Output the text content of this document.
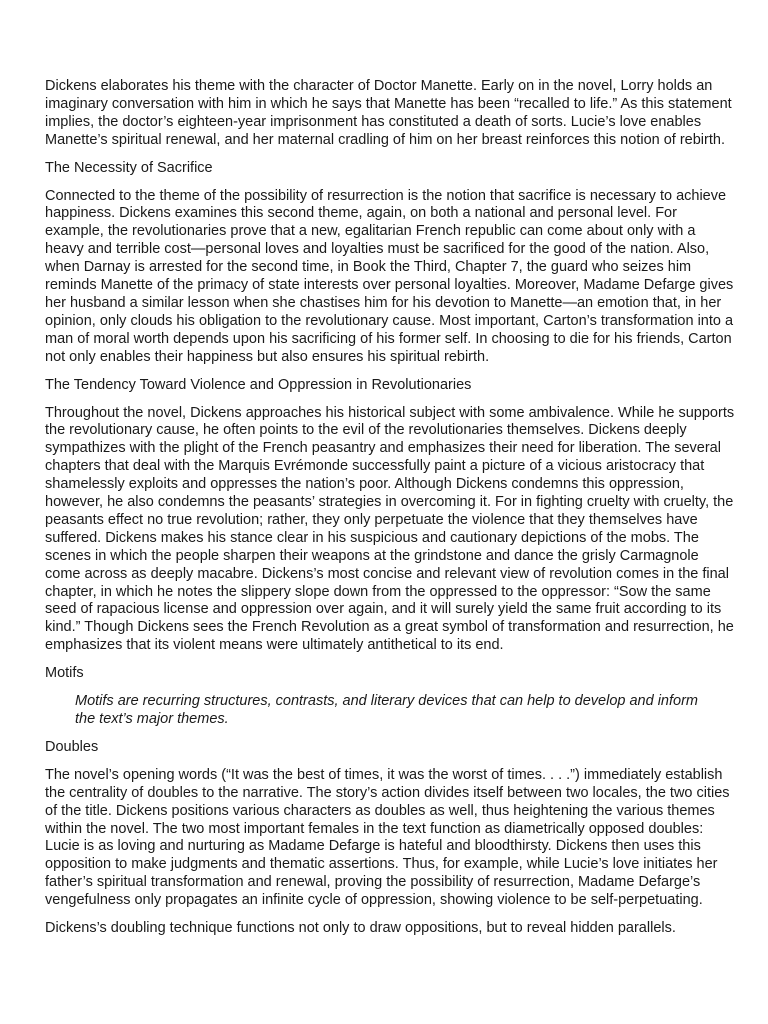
Dickens elaborates his theme with the character of Doctor Manette. Early on in the novel, Lorry holds an imaginary conversation with him in which he says that Manette has been “recalled to life.” As this statement implies, the doctor’s eighteen-year imprisonment has constituted a death of sorts. Lucie’s love enables Manette’s spiritual renewal, and her maternal cradling of him on her breast reinforces this notion of rebirth.

The Necessity of Sacrifice

Connected to the theme of the possibility of resurrection is the notion that sacrifice is necessary to achieve happiness. Dickens examines this second theme, again, on both a national and personal level. For example, the revolutionaries prove that a new, egalitarian French republic can come about only with a heavy and terrible cost—personal loves and loyalties must be sacrificed for the good of the nation. Also, when Darnay is arrested for the second time, in Book the Third, Chapter 7, the guard who seizes him reminds Manette of the primacy of state interests over personal loyalties. Moreover, Madame Defarge gives her husband a similar lesson when she chastises him for his devotion to Manette—an emotion that, in her opinion, only clouds his obligation to the revolutionary cause. Most important, Carton’s transformation into a man of moral worth depends upon his sacrificing of his former self. In choosing to die for his friends, Carton not only enables their happiness but also ensures his spiritual rebirth.

The Tendency Toward Violence and Oppression in Revolutionaries

Throughout the novel, Dickens approaches his historical subject with some ambivalence. While he supports the revolutionary cause, he often points to the evil of the revolutionaries themselves. Dickens deeply sympathizes with the plight of the French peasantry and emphasizes their need for liberation. The several chapters that deal with the Marquis Evrémonde successfully paint a picture of a vicious aristocracy that shamelessly exploits and oppresses the nation’s poor. Although Dickens condemns this oppression, however, he also condemns the peasants’ strategies in overcoming it. For in fighting cruelty with cruelty, the peasants effect no true revolution; rather, they only perpetuate the violence that they themselves have suffered. Dickens makes his stance clear in his suspicious and cautionary depictions of the mobs. The scenes in which the people sharpen their weapons at the grindstone and dance the grisly Carmagnole come across as deeply macabre. Dickens’s most concise and relevant view of revolution comes in the final chapter, in which he notes the slippery slope down from the oppressed to the oppressor: “Sow the same seed of rapacious license and oppression over again, and it will surely yield the same fruit according to its kind.” Though Dickens sees the French Revolution as a great symbol of transformation and resurrection, he emphasizes that its violent means were ultimately antithetical to its end.

Motifs

Motifs are recurring structures, contrasts, and literary devices that can help to develop and inform the text’s major themes.

Doubles

The novel’s opening words (“It was the best of times, it was the worst of times. . . .”) immediately establish the centrality of doubles to the narrative. The story’s action divides itself between two locales, the two cities of the title. Dickens positions various characters as doubles as well, thus heightening the various themes within the novel. The two most important females in the text function as diametrically opposed doubles: Lucie is as loving and nurturing as Madame Defarge is hateful and bloodthirsty. Dickens then uses this opposition to make judgments and thematic assertions. Thus, for example, while Lucie’s love initiates her father’s spiritual transformation and renewal, proving the possibility of resurrection, Madame Defarge’s vengefulness only propagates an infinite cycle of oppression, showing violence to be self-perpetuating.

Dickens’s doubling technique functions not only to draw oppositions, but to reveal hidden parallels.
